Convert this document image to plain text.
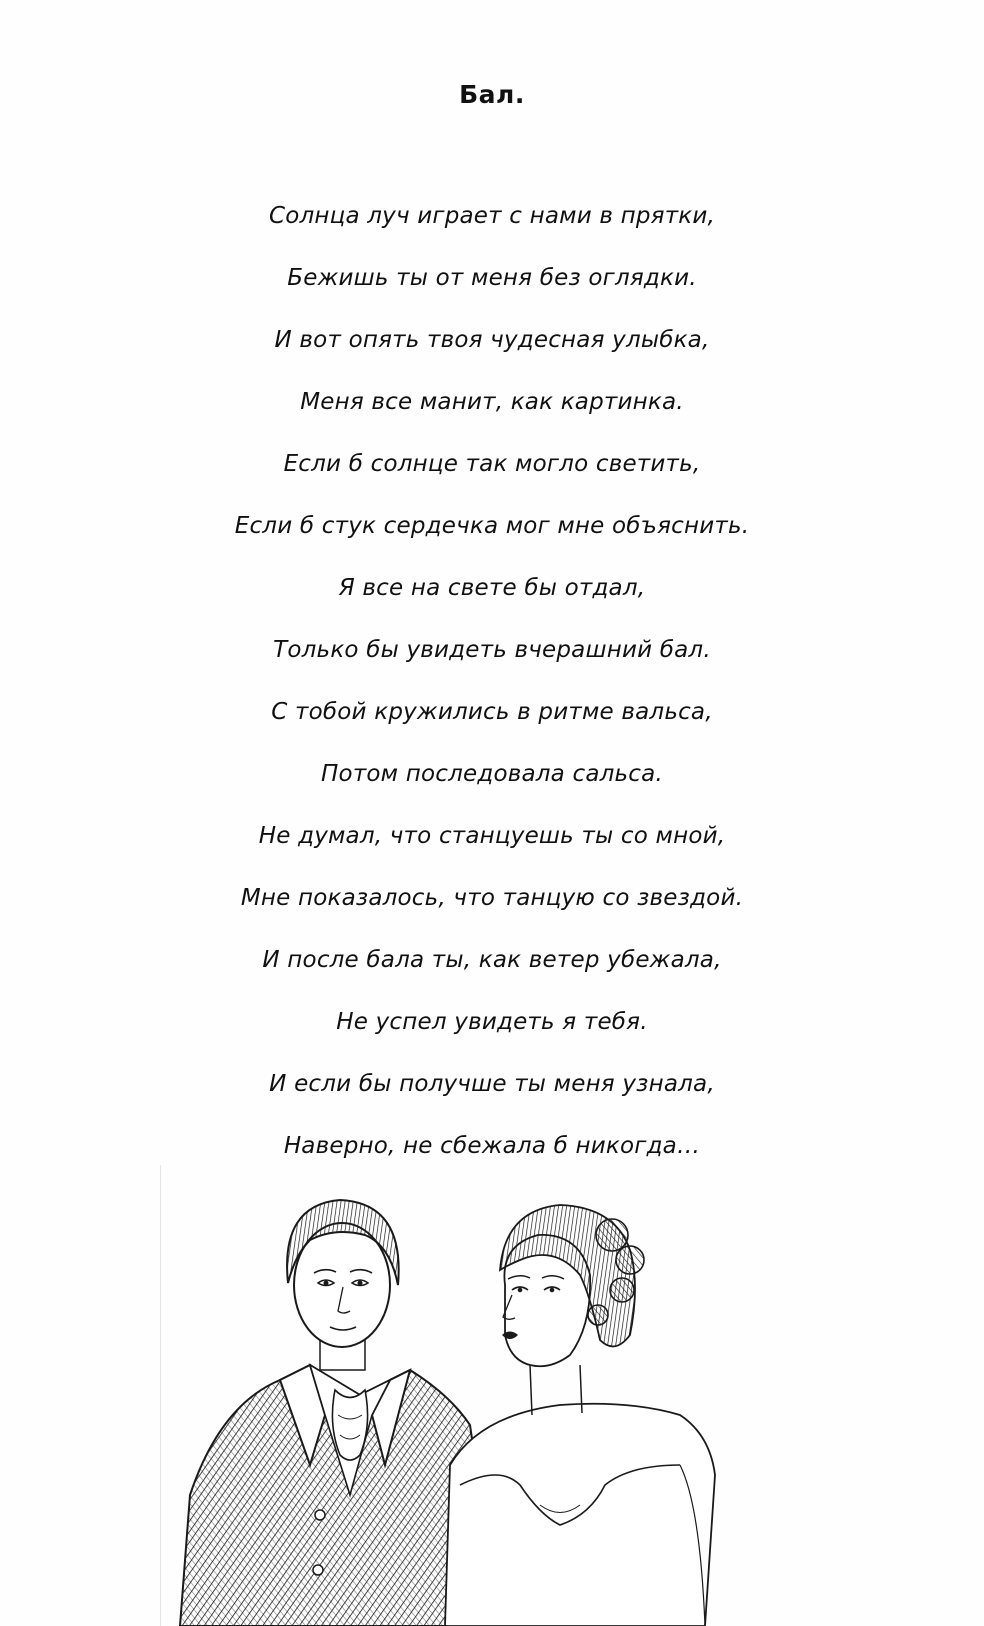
Бал.
Солнца луч играет с нами в прятки,
Бежишь ты от меня без оглядки.
И вот опять твоя чудесная улыбка,
Меня все манит, как картинка.
Если б солнце так могло светить,
Если б стук сердечка мог мне объяснить.
Я все на свете бы отдал,
Только бы увидеть вчерашний бал.
С тобой кружились в ритме вальса,
Потом последовала сальса.
Не думал, что станцуешь ты со мной,
Мне показалось, что танцую со звездой.
И после бала ты, как ветер убежала,
Не успел увидеть я тебя.
И если бы получше ты меня узнала,
Наверно, не сбежала б никогда…
